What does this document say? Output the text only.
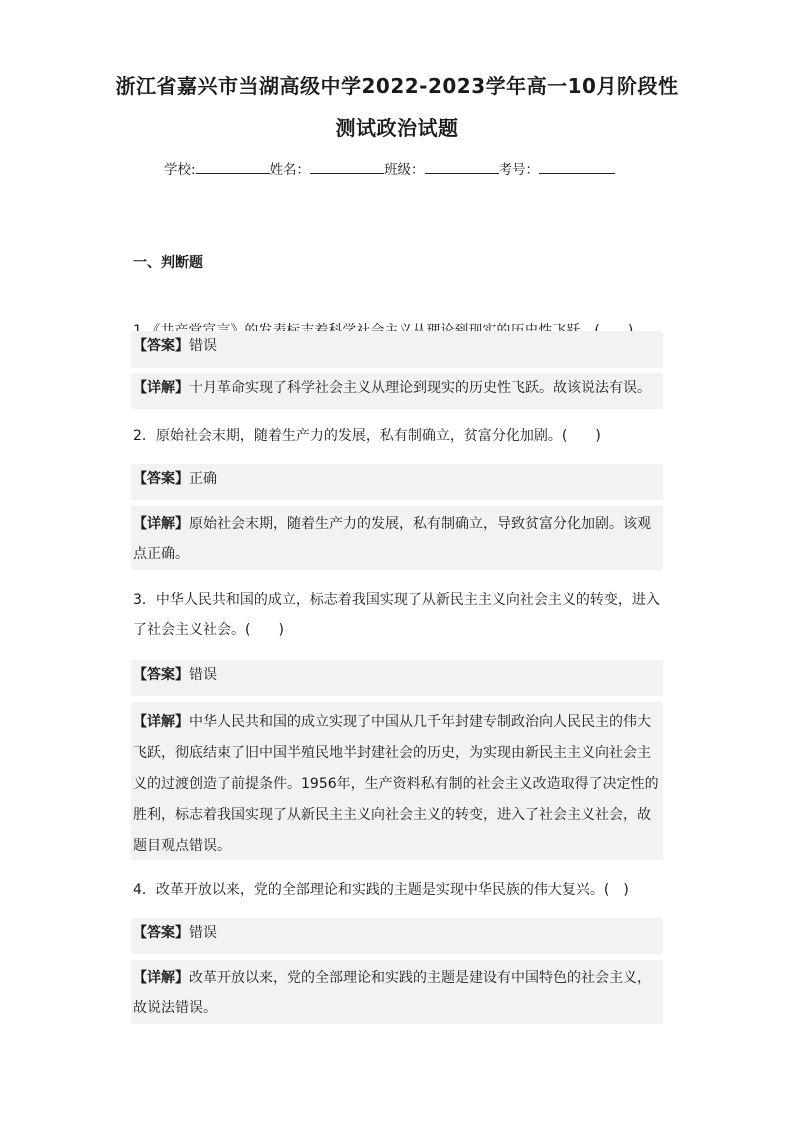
浙江省嘉兴市当湖高级中学2022-2023学年高一10月阶段性
测试政治试题
学校:	姓名：	班级：	考号：
一、判断题
【答案】错误
【详解】十月革命实现了科学社会主义从理论到现实的历史性飞跃。故该说法有误。
2．原始社会末期，随着生产力的发展，私有制确立，贫富分化加剧。(　　)
【答案】正确
【详解】原始社会末期，随着生产力的发展，私有制确立，导致贫富分化加剧。该观点正确。
3．中华人民共和国的成立，标志着我国实现了从新民主主义向社会主义的转变，进入了社会主义社会。(　　)
【答案】错误
【详解】中华人民共和国的成立实现了中国从几千年封建专制政治向人民民主的伟大飞跃，彻底结束了旧中国半殖民地半封建社会的历史，为实现由新民主主义向社会主义的过渡创造了前提条件。1956年，生产资料私有制的社会主义改造取得了决定性的胜利，标志着我国实现了从新民主主义向社会主义的转变，进入了社会主义社会，故题目观点错误。
4．改革开放以来，党的全部理论和实践的主题是实现中华民族的伟大复兴。(　)
【答案】错误
【详解】改革开放以来，党的全部理论和实践的主题是建设有中国特色的社会主义，故说法错误。
